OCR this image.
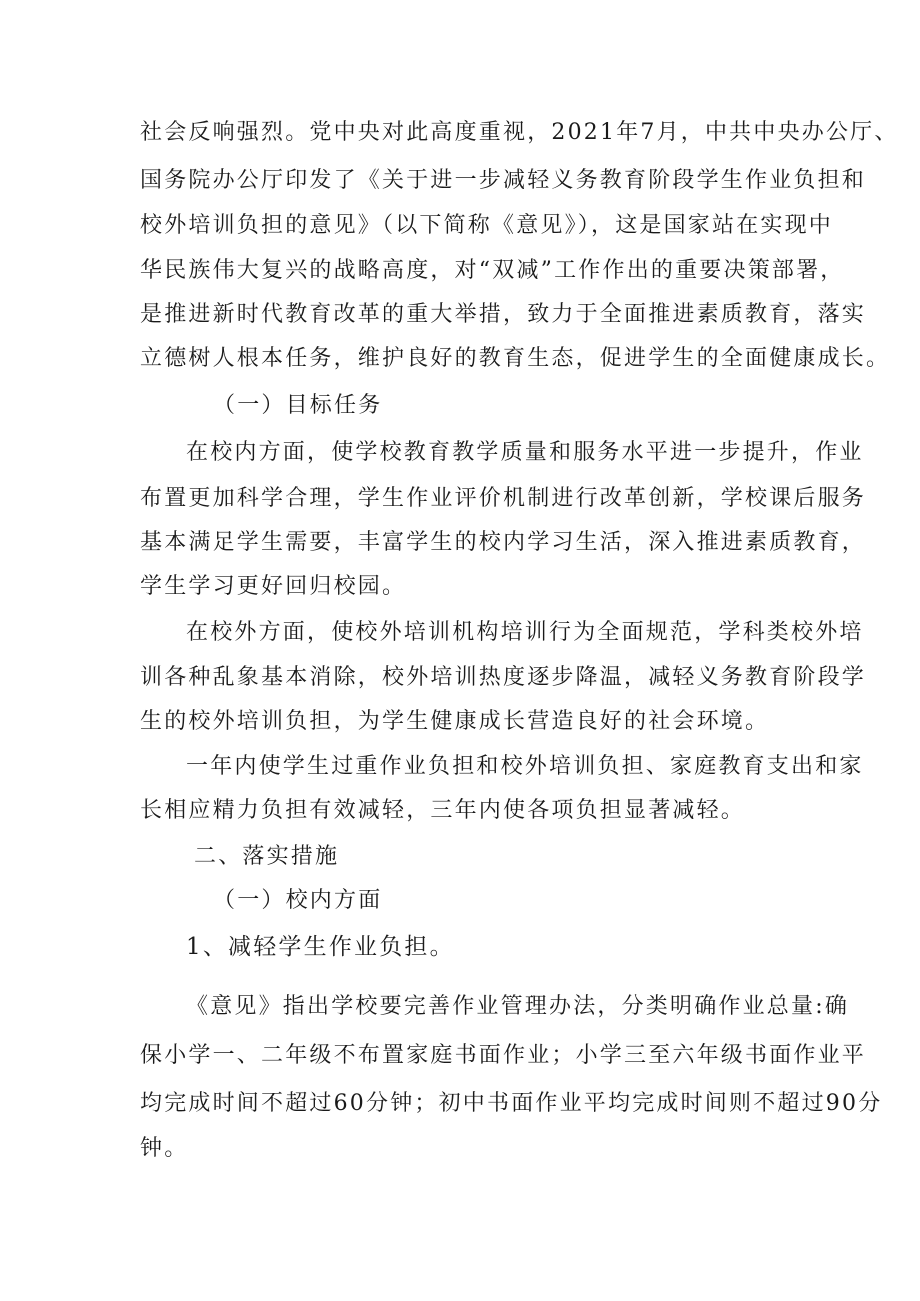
社会反响强烈。党中央对此高度重视，2021年7月，中共中央办公厅、
国务院办公厅印发了《关于进一步减轻义务教育阶段学生作业负担和
校外培训负担的意见》（以下简称《意见》），这是国家站在实现中
华民族伟大复兴的战略高度，对“双减”工作作出的重要决策部署，
是推进新时代教育改革的重大举措，致力于全面推进素质教育，落实
立德树人根本任务，维护良好的教育生态，促进学生的全面健康成长。
（一）目标任务
在校内方面，使学校教育教学质量和服务水平进一步提升，作业
布置更加科学合理，学生作业评价机制进行改革创新，学校课后服务
基本满足学生需要，丰富学生的校内学习生活，深入推进素质教育，
学生学习更好回归校园。
在校外方面，使校外培训机构培训行为全面规范，学科类校外培
训各种乱象基本消除，校外培训热度逐步降温，减轻义务教育阶段学
生的校外培训负担，为学生健康成长营造良好的社会环境。
一年内使学生过重作业负担和校外培训负担、家庭教育支出和家
长相应精力负担有效减轻，三年内使各项负担显著减轻。
二、落实措施
（一）校内方面
1、减轻学生作业负担。
《意见》指出学校要完善作业管理办法，分类明确作业总量:确
保小学一、二年级不布置家庭书面作业；小学三至六年级书面作业平
均完成时间不超过60分钟；初中书面作业平均完成时间则不超过90分
钟。
